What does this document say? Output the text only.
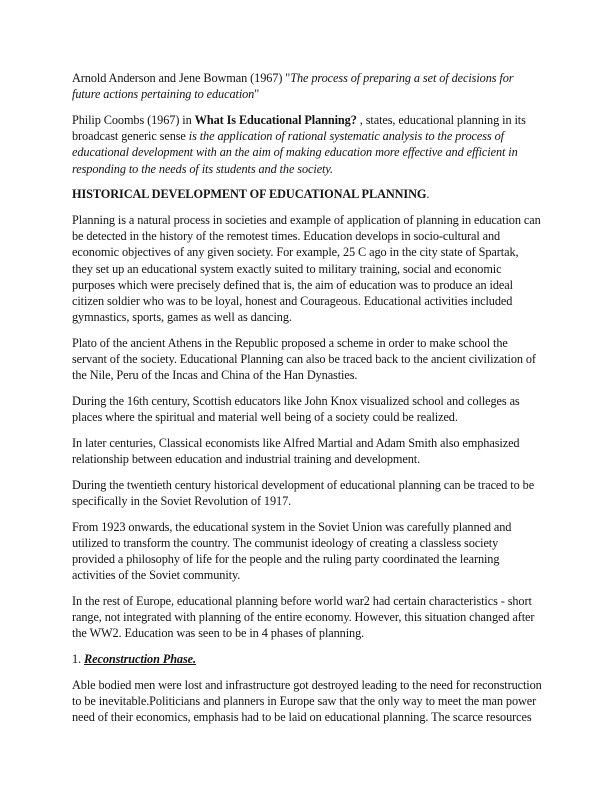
Arnold Anderson and Jene Bowman (1967) "The process of preparing a set of decisions for future actions pertaining to education"

Philip Coombs (1967) in What Is Educational Planning? , states, educational planning in its broadcast generic sense is the application of rational systematic analysis to the process of educational development with an the aim of making education more effective and efficient in responding to the needs of its students and the society.

HISTORICAL DEVELOPMENT OF EDUCATIONAL PLANNING.

Planning is a natural process in societies and example of application of planning in education can be detected in the history of the remotest times. Education develops in socio-cultural and economic objectives of any given society. For example, 25 C ago in the city state of Spartak, they set up an educational system exactly suited to military training, social and economic purposes which were precisely defined that is, the aim of education was to produce an ideal citizen soldier who was to be loyal, honest and Courageous. Educational activities included gymnastics, sports, games as well as dancing.

Plato of the ancient Athens in the Republic proposed a scheme in order to make school the servant of the society. Educational Planning can also be traced back to the ancient civilization of the Nile, Peru of the Incas and China of the Han Dynasties.

During the 16th century, Scottish educators like John Knox visualized school and colleges as places where the spiritual and material well being of a society could be realized.

In later centuries, Classical economists like Alfred Martial and Adam Smith also emphasized relationship between education and industrial training and development.

During the twentieth century historical development of educational planning can be traced to be specifically in the Soviet Revolution of 1917.

From 1923 onwards, the educational system in the Soviet Union was carefully planned and utilized to transform the country. The communist ideology of creating a classless society provided a philosophy of life for the people and the ruling party coordinated the learning activities of the Soviet community.

In the rest of Europe, educational planning before world war2 had certain characteristics - short range, not integrated with planning of the entire economy. However, this situation changed after the WW2. Education was seen to be in 4 phases of planning.

1. Reconstruction Phase.

Able bodied men were lost and infrastructure got destroyed leading to the need for reconstruction to be inevitable.Politicians and planners in Europe saw that the only way to meet the man power need of their economics, emphasis had to be laid on educational planning. The scarce resources
